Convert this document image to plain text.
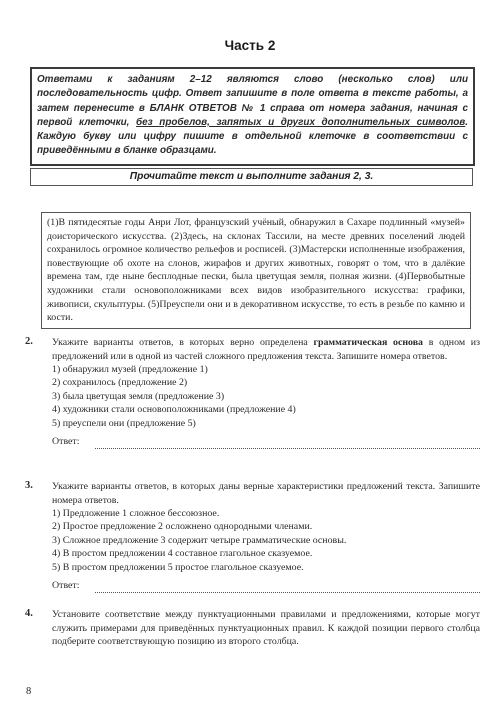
Часть 2
Ответами к заданиям 2–12 являются слово (несколько слов) или последовательность цифр. Ответ запишите в поле ответа в тексте работы, а затем перенесите в БЛАНК ОТВЕТОВ № 1 справа от номера задания, начиная с первой клеточки, без пробелов, запятых и других дополнительных символов. Каждую букву или цифру пишите в отдельной клеточке в соответствии с приведёнными в бланке образцами.
Прочитайте текст и выполните задания 2, 3.
(1)В пятидесятые годы Анри Лот, французский учёный, обнаружил в Сахаре подлинный «музей» доисторического искусства. (2)Здесь, на склонах Тассили, на месте древних поселений людей сохранилось огромное количество рельефов и росписей. (3)Мастерски исполненные изображения, повествующие об охоте на слонов, жирафов и других животных, говорят о том, что в далёкие времена там, где ныне бесплодные пески, была цветущая земля, полная жизни. (4)Первобытные художники стали основоположниками всех видов изобразительного искусства: графики, живописи, скульптуры. (5)Преуспели они и в декоративном искусстве, то есть в резьбе по камню и кости.
2. Укажите варианты ответов, в которых верно определена грамматическая основа в одном из предложений или в одной из частей сложного предложения текста. Запишите номера ответов.
1) обнаружил музей (предложение 1)
2) сохранилось (предложение 2)
3) была цветущая земля (предложение 3)
4) художники стали основоположниками (предложение 4)
5) преуспели они (предложение 5)
Ответ:
3. Укажите варианты ответов, в которых даны верные характеристики предложений текста. Запишите номера ответов.
1) Предложение 1 сложное бессоюзное.
2) Простое предложение 2 осложнено однородными членами.
3) Сложное предложение 3 содержит четыре грамматические основы.
4) В простом предложении 4 составное глагольное сказуемое.
5) В простом предложении 5 простое глагольное сказуемое.
Ответ:
4. Установите соответствие между пунктуационными правилами и предложениями, которые могут служить примерами для приведённых пунктуационных правил. К каждой позиции первого столбца подберите соответствующую позицию из второго столбца.
8
